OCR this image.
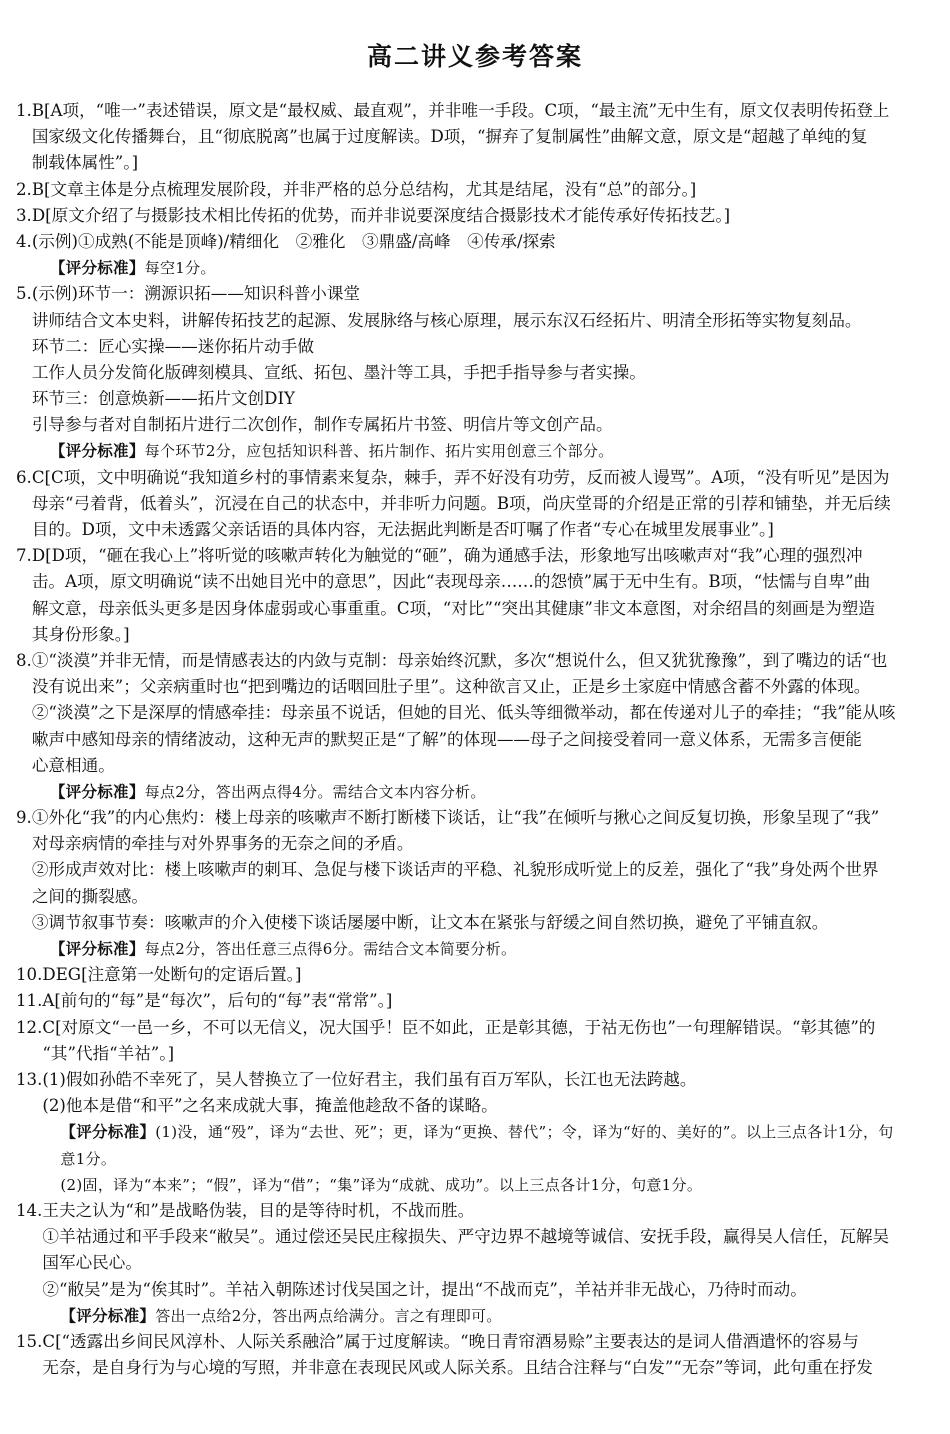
高二讲义参考答案
1. B[A项，“唯一”表述错误，原文是“最权威、最直观”，并非唯一手段。C项，“最主流”无中生有，原文仅表明传拓登上
国家级文化传播舞台，且“彻底脱离”也属于过度解读。D项，“摒弃了复制属性”曲解文意，原文是“超越了单纯的复
制载体属性”。]
2. B[文章主体是分点梳理发展阶段，并非严格的总分总结构，尤其是结尾，没有“总”的部分。]
3. D[原文介绍了与摄影技术相比传拓的优势，而并非说要深度结合摄影技术才能传承好传拓技艺。]
4. (示例)①成熟(不能是顶峰)/精细化　②雅化　③鼎盛/高峰　④传承/探索
【评分标准】每空1分。
5. (示例)环节一：溯源识拓——知识科普小课堂
讲师结合文本史料，讲解传拓技艺的起源、发展脉络与核心原理，展示东汉石经拓片、明清全形拓等实物复刻品。
环节二：匠心实操——迷你拓片动手做
工作人员分发简化版碑刻模具、宣纸、拓包、墨汁等工具，手把手指导参与者实操。
环节三：创意焕新——拓片文创DIY
引导参与者对自制拓片进行二次创作，制作专属拓片书签、明信片等文创产品。
【评分标准】每个环节2分，应包括知识科普、拓片制作、拓片实用创意三个部分。
6. C[C项，文中明确说“我知道乡村的事情素来复杂，棘手，弄不好没有功劳，反而被人谩骂”。A项，“没有听见”是因为
母亲“弓着背，低着头”，沉浸在自己的状态中，并非听力问题。B项，尚庆堂哥的介绍是正常的引荐和铺垫，并无后续
目的。D项，文中未透露父亲话语的具体内容，无法据此判断是否叮嘱了作者“专心在城里发展事业”。]
7. D[D项，“砸在我心上”将听觉的咳嗽声转化为触觉的“砸”，确为通感手法，形象地写出咳嗽声对“我”心理的强烈冲
击。A项，原文明确说“读不出她目光中的意思”，因此“表现母亲……的怨愤”属于无中生有。B项，“怯懦与自卑”曲
解文意，母亲低头更多是因身体虚弱或心事重重。C项，“对比”“突出其健康”非文本意图，对余绍昌的刻画是为塑造
其身份形象。]
8. ①“淡漠”并非无情，而是情感表达的内敛与克制：母亲始终沉默，多次“想说什么，但又犹犹豫豫”，到了嘴边的话“也
没有说出来”；父亲病重时也“把到嘴边的话咽回肚子里”。这种欲言又止，正是乡土家庭中情感含蓄不外露的体现。
②“淡漠”之下是深厚的情感牵挂：母亲虽不说话，但她的目光、低头等细微举动，都在传递对儿子的牵挂；“我”能从咳
嗽声中感知母亲的情绪波动，这种无声的默契正是“了解”的体现——母子之间接受着同一意义体系，无需多言便能
心意相通。
【评分标准】每点2分，答出两点得4分。需结合文本内容分析。
9. ①外化“我”的内心焦灼：楼上母亲的咳嗽声不断打断楼下谈话，让“我”在倾听与揪心之间反复切换，形象呈现了“我”
对母亲病情的牵挂与对外界事务的无奈之间的矛盾。
②形成声效对比：楼上咳嗽声的刺耳、急促与楼下谈话声的平稳、礼貌形成听觉上的反差，强化了“我”身处两个世界
之间的撕裂感。
③调节叙事节奏：咳嗽声的介入使楼下谈话屡屡中断，让文本在紧张与舒缓之间自然切换，避免了平铺直叙。
【评分标准】每点2分，答出任意三点得6分。需结合文本简要分析。
10. DEG[注意第一处断句的定语后置。]
11. A[前句的“每”是“每次”，后句的“每”表“常常”。]
12. C[对原文“一邑一乡，不可以无信义，况大国乎！臣不如此，正是彰其德，于祜无伤也”一句理解错误。“彰其德”的
“其”代指“羊祜”。]
13. (1)假如孙皓不幸死了，吴人替换立了一位好君主，我们虽有百万军队，长江也无法跨越。
(2)他本是借“和平”之名来成就大事，掩盖他趁敌不备的谋略。
【评分标准】(1)没，通“殁”，译为“去世、死”；更，译为“更换、替代”；令，译为“好的、美好的”。以上三点各计1分，句
意1分。
(2)固，译为“本来”；“假”，译为“借”；“集”译为“成就、成功”。以上三点各计1分，句意1分。
14. 王夫之认为“和”是战略伪装，目的是等待时机，不战而胜。
①羊祜通过和平手段来“敝吴”。通过偿还吴民庄稼损失、严守边界不越境等诚信、安抚手段，赢得吴人信任，瓦解吴
国军心民心。
②“敝吴”是为“俟其时”。羊祜入朝陈述讨伐吴国之计，提出“不战而克”，羊祜并非无战心，乃待时而动。
【评分标准】答出一点给2分，答出两点给满分。言之有理即可。
15. C[“透露出乡间民风淳朴、人际关系融洽”属于过度解读。“晚日青帘酒易赊”主要表达的是词人借酒遣怀的容易与
无奈，是自身行为与心境的写照，并非意在表现民风或人际关系。且结合注释与“白发”“无奈”等词，此句重在抒发
